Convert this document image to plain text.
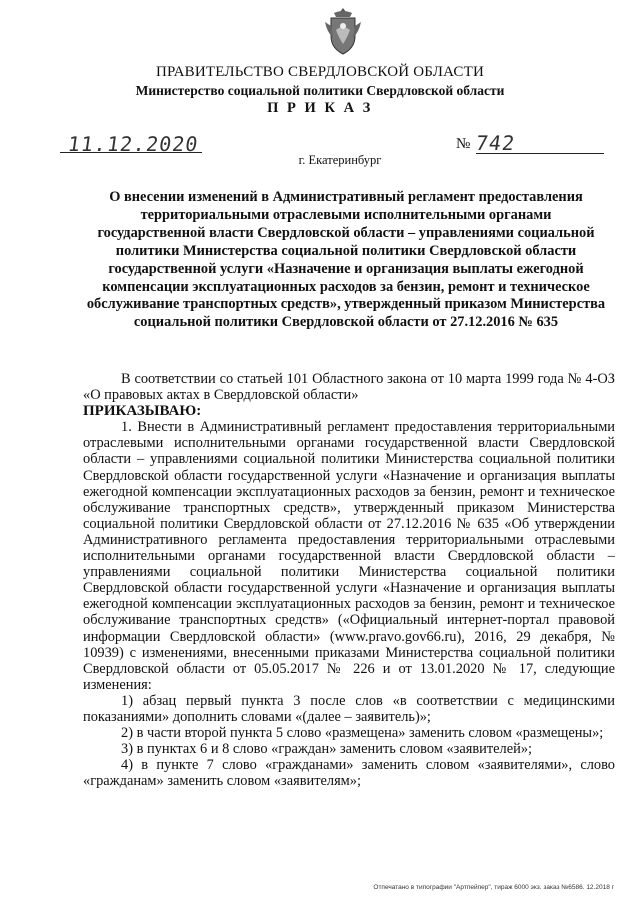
ПРАВИТЕЛЬСТВО СВЕРДЛОВСКОЙ ОБЛАСТИ
Министерство социальной политики Свердловской области
П Р И К А З
11.12.2020	№ 742
г. Екатеринбург
О внесении изменений в Административный регламент предоставления территориальными отраслевыми исполнительными органами государственной власти Свердловской области – управлениями социальной политики Министерства социальной политики Свердловской области государственной услуги «Назначение и организация выплаты ежегодной компенсации эксплуатационных расходов за бензин, ремонт и техническое обслуживание транспортных средств», утвержденный приказом Министерства социальной политики Свердловской области от 27.12.2016 № 635

В соответствии со статьей 101 Областного закона от 10 марта 1999 года № 4-ОЗ «О правовых актах в Свердловской области»

ПРИКАЗЫВАЮ:

1. Внести в Административный регламент предоставления территориальными отраслевыми исполнительными органами государственной власти Свердловской области – управлениями социальной политики Министерства социальной политики Свердловской области государственной услуги «Назначение и организация выплаты ежегодной компенсации эксплуатационных расходов за бензин, ремонт и техническое обслуживание транспортных средств», утвержденный приказом Министерства социальной политики Свердловской области от 27.12.2016 № 635 «Об утверждении Административного регламента предоставления территориальными отраслевыми исполнительными органами государственной власти Свердловской области – управлениями социальной политики Министерства социальной политики Свердловской области государственной услуги «Назначение и организация выплаты ежегодной компенсации эксплуатационных расходов за бензин, ремонт и техническое обслуживание транспортных средств» («Официальный интернет-портал правовой информации Свердловской области» (www.pravo.gov66.ru), 2016, 29 декабря, № 10939) с изменениями, внесенными приказами Министерства социальной политики Свердловской области от 05.05.2017 № 226 и от 13.01.2020 № 17, следующие изменения:

1) абзац первый пункта 3 после слов «в соответствии с медицинскими показаниями» дополнить словами «(далее – заявитель)»;

2) в части второй пункта 5 слово «размещена» заменить словом «размещены»;

3) в пунктах 6 и 8 слово «граждан» заменить словом «заявителей»;

4) в пункте 7 слово «гражданами» заменить словом «заявителями», слово «гражданам» заменить словом «заявителям»;

Отпечатано в типографии "Артпейпер", тираж 6000 экз. заказ №6586. 12.2018 г
